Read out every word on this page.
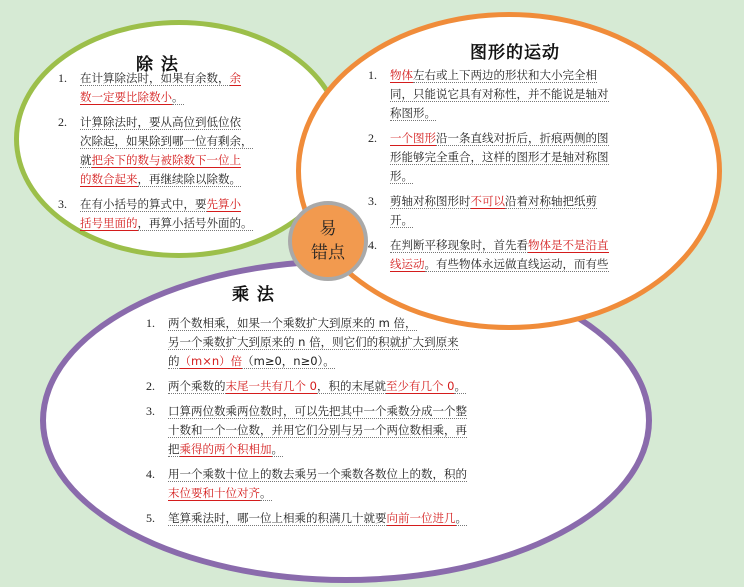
除 法
1. 在计算除法时，如果有余数，余
数一定要比除数小。
2. 计算除法时，要从高位到低位依
次除起，如果除到哪一位有剩余，
就把余下的数与被除数下一位上
的数合起来，再继续除以除数。
3. 在有小括号的算式中，要先算小
括号里面的，再算小括号外面的。
乘 法
1. 两个数相乘，如果一个乘数扩大到原来的 m 倍，
另一个乘数扩大到原来的 n 倍，则它们的积就扩大到原来
的（m×n）倍（m≥0，n≥0）。
2. 两个乘数的末尾一共有几个 0，积的末尾就至少有几个 0。
3. 口算两位数乘两位数时，可以先把其中一个乘数分成一个整
十数和一个一位数，并用它们分别与另一个两位数相乘，再
把乘得的两个积相加。
4. 用一个乘数十位上的数去乘另一个乘数各数位上的数，积的
末位要和十位对齐。
5. 笔算乘法时，哪一位上相乘的积满几十就要向前一位进几。
图形的运动
1. 物体左右或上下两边的形状和大小完全相
同，只能说它具有对称性，并不能说是轴对
称图形。
2. 一个图形沿一条直线对折后，折痕两侧的图
形能够完全重合，这样的图形才是轴对称图
形。
3. 剪轴对称图形时不可以沿着对称轴把纸剪
开。
4. 在判断平移现象时，首先看物体是不是沿直
线运动。有些物体永远做直线运动，而有些
易
错点
